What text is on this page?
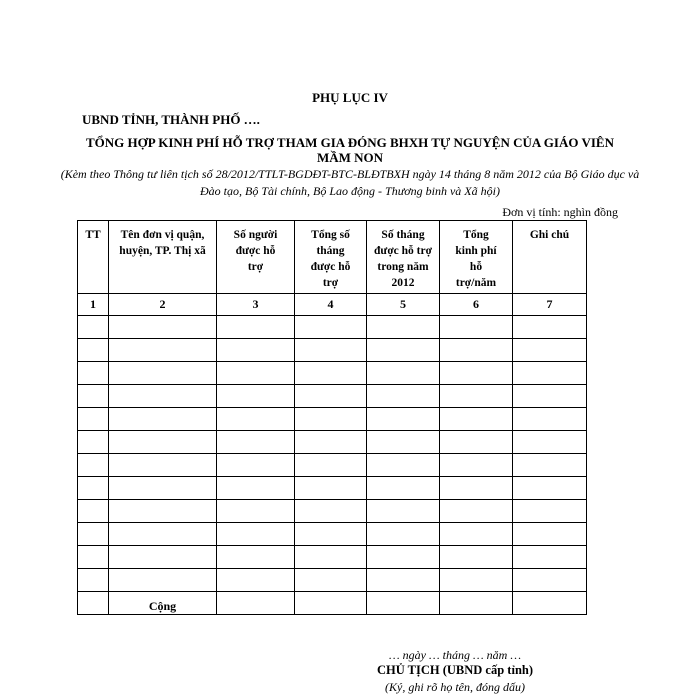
PHỤ LỤC IV
UBND TỈNH, THÀNH PHỐ ….
TỔNG HỢP KINH PHÍ HỖ TRỢ THAM GIA ĐÓNG BHXH TỰ NGUYỆN CỦA GIÁO VIÊN MẦM NON
(Kèm theo Thông tư liên tịch số 28/2012/TTLT-BGDĐT-BTC-BLĐTBXH ngày 14 tháng 8 năm 2012 của Bộ Giáo dục và Đào tạo, Bộ Tài chính, Bộ Lao động - Thương binh và Xã hội)
Đơn vị tính: nghìn đồng
TT	Tên đơn vị quận, huyện, TP. Thị xã	Số người được hỗ trợ	Tổng số tháng được hỗ trợ	Số tháng được hỗ trợ trong năm 2012	Tổng kinh phí hỗ trợ/năm	Ghi chú
1	2	3	4	5	6	7

	Cộng					
… ngày … tháng … năm …
CHỦ TỊCH (UBND cấp tỉnh)
(Ký, ghi rõ họ tên, đóng dấu)
